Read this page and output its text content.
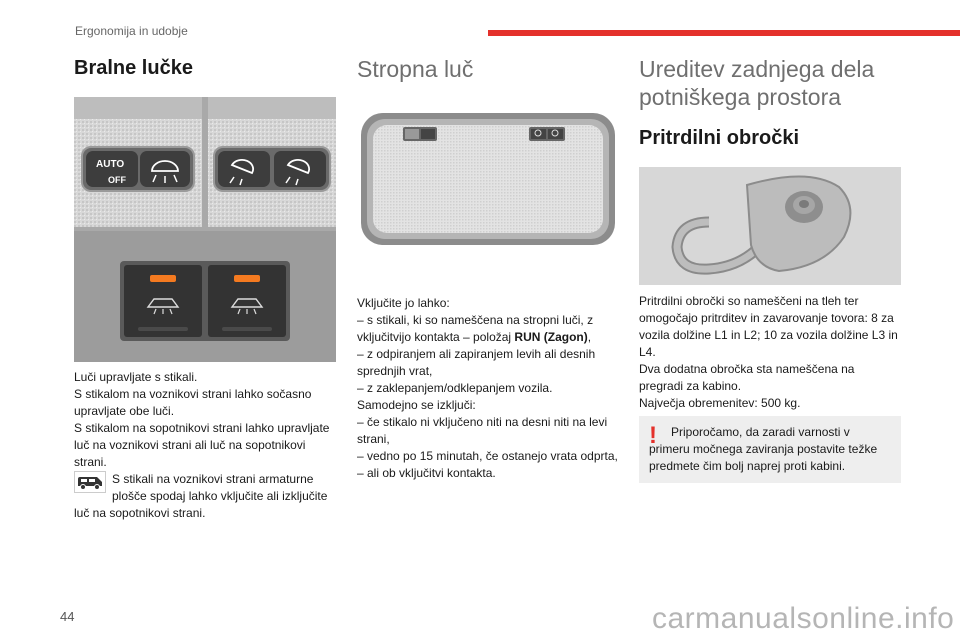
Ergonomija in udobje
Bralne lučke
AUTO
OFF

Luči upravljate s stikali.

S stikalom na voznikovi strani lahko sočasno upravljate obe luči.

S stikalom na sopotnikovi strani lahko upravljate luč na voznikovi strani ali luč na sopotnikovi strani.

S stikali na voznikovi strani armaturne plošče spodaj lahko vključite ali izključite luč na sopotnikovi strani.

Stropna luč

Vključite jo lahko:

– s stikali, ki so nameščena na stropni luči, z vključitvijo kontakta – položaj RUN (Zagon),

– z odpiranjem ali zapiranjem levih ali desnih sprednjih vrat,

– z zaklepanjem/odklepanjem vozila.

Samodejno se izključi:

– če stikalo ni vključeno niti na desni niti na levi strani,

– vedno po 15 minutah, če ostanejo vrata odprta,

– ali ob vključitvi kontakta.

Ureditev zadnjega dela potniškega prostora
Pritrdilni obročki

Pritrdilni obročki so nameščeni na tleh ter omogočajo pritrditev in zavarovanje tovora: 8 za vozila dolžine L1 in L2; 10 za vozila dolžine L3 in L4.

Dva dodatna obročka sta nameščena na pregradi za kabino.

Največja obremenitev: 500 kg.

!	Priporočamo, da zaradi varnosti v primeru močnega zaviranja postavite težke predmete čim bolj naprej proti kabini.

44	carmanualsonline.info
